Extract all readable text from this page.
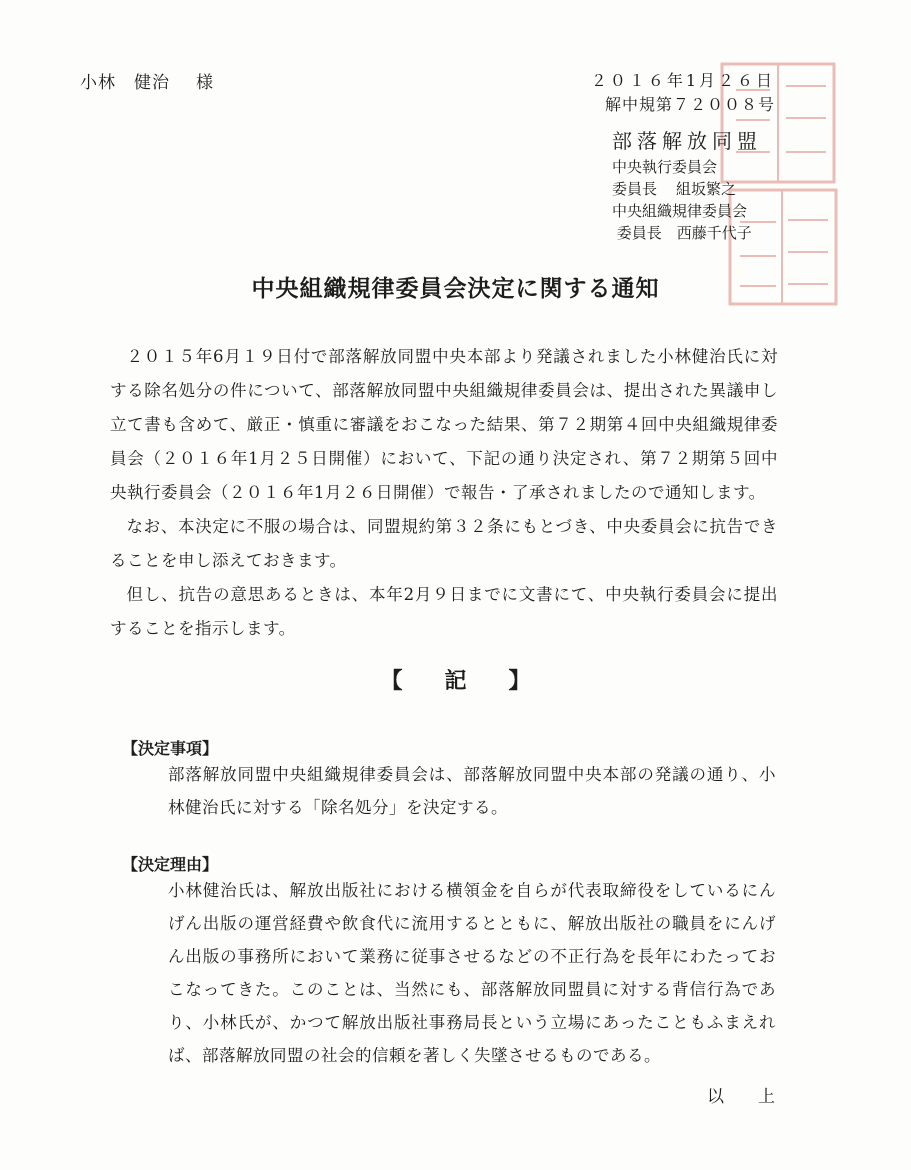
小林　健治 様	２０１６年1月２６日
解中規第７２００８号
部落解放同盟
中央執行委員会
委員長 組坂繁之
中央組織規律委員会
委員長 西藤千代子
中央組織規律委員会決定に関する通知

２０１５年6月１９日付で部落解放同盟中央本部より発議されました小林健治氏に対する除名処分の件について、部落解放同盟中央組織規律委員会は、提出された異議申し立て書も含めて、厳正・慎重に審議をおこなった結果、第７２期第４回中央組織規律委員会（２０１６年1月２５日開催）において、下記の通り決定され、第７２期第５回中央執行委員会（２０１６年1月２６日開催）で報告・了承されましたので通知します。

なお、本決定に不服の場合は、同盟規約第３２条にもとづき、中央委員会に抗告できることを申し添えておきます。

但し、抗告の意思あるときは、本年2月９日までに文書にて、中央執行委員会に提出することを指示します。

【 記 】
【決定事項】
部落解放同盟中央組織規律委員会は、部落解放同盟中央本部の発議の通り、小林健治氏に対する「除名処分」を決定する。
【決定理由】
小林健治氏は、解放出版社における横領金を自らが代表取締役をしているにんげん出版の運営経費や飲食代に流用するとともに、解放出版社の職員をにんげん出版の事務所において業務に従事させるなどの不正行為を長年にわたっておこなってきた。このことは、当然にも、部落解放同盟員に対する背信行為であり、小林氏が、かつて解放出版社事務局長という立場にあったこともふまえれば、部落解放同盟の社会的信頼を著しく失墜させるものである。
以 上
